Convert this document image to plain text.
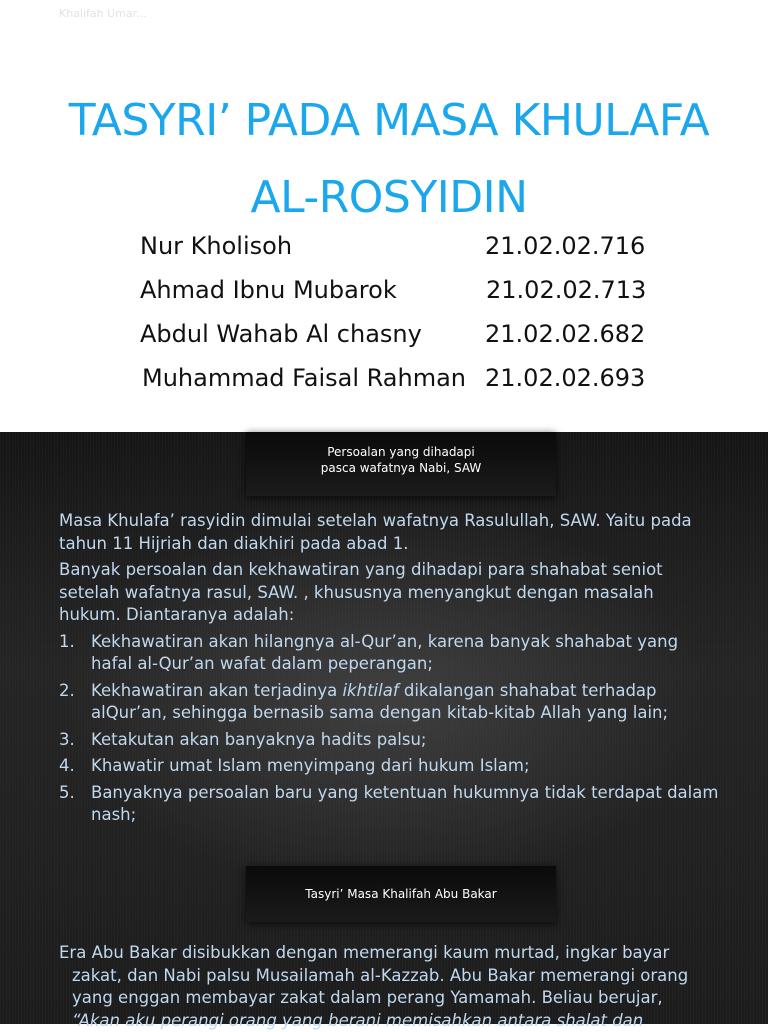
Khalifah Umar...
TASYRI’ PADA MASA KHULAFA
AL-ROSYIDIN
Nur Kholisoh	21.02.02.716
Ahmad Ibnu Mubarok	21.02.02.713
Abdul Wahab Al chasny	21.02.02.682
Muhammad Faisal Rahman 21.02.02.693
Persoalan yang dihadapi
pasca wafatnya Nabi, SAW

Masa Khulafa’ rasyidin dimulai setelah wafatnya Rasulullah, SAW. Yaitu pada tahun 11 Hijriah dan diakhiri pada abad 1.

Banyak persoalan dan kekhawatiran yang dihadapi para shahabat seniot setelah wafatnya rasul, SAW. , khususnya menyangkut dengan masalah hukum. Diantaranya adalah:

1. Kekhawatiran akan hilangnya al-Qur’an, karena banyak shahabat yang hafal al-Qur’an wafat dalam peperangan;
2. Kekhawatiran akan terjadinya ikhtilaf dikalangan shahabat terhadap alQur’an, sehingga bernasib sama dengan kitab-kitab Allah yang lain;
3. Ketakutan akan banyaknya hadits palsu;
4. Khawatir umat Islam menyimpang dari hukum Islam;
5. Banyaknya persoalan baru yang ketentuan hukumnya tidak terdapat dalam nash;
Tasyri’ Masa Khalifah Abu Bakar

Era Abu Bakar disibukkan dengan memerangi kaum murtad, ingkar bayar zakat, dan Nabi palsu Musailamah al-Kazzab. Abu Bakar memerangi orang yang enggan membayar zakat dalam perang Yamamah. Beliau berujar,
“Akan aku perangi orang yang berani memisahkan antara shalat dan
